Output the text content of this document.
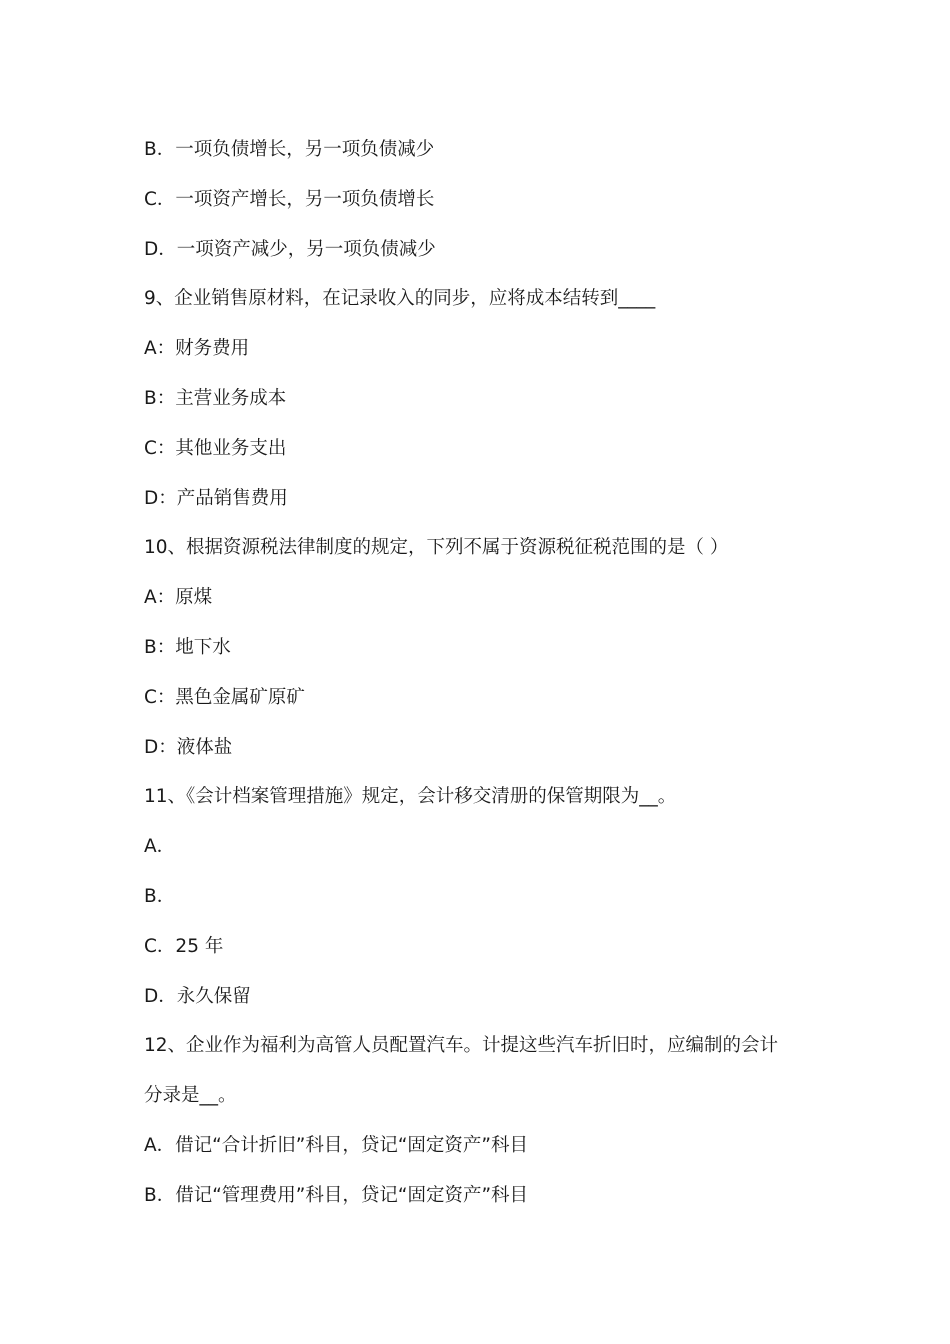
B．一项负债增长，另一项负债减少
C．一项资产增长，另一项负债增长
D．一项资产减少，另一项负债减少
9、企业销售原材料，在记录收入的同步，应将成本结转到____
A：财务费用
B：主营业务成本
C：其他业务支出
D：产品销售费用
10、根据资源税法律制度的规定，下列不属于资源税征税范围的是（ ）
A：原煤
B：地下水
C：黑色金属矿原矿
D：液体盐
11、《会计档案管理措施》规定，会计移交清册的保管期限为__。
A．
B．
C．25 年
D．永久保留
12、企业作为福利为高管人员配置汽车。计提这些汽车折旧时，应编制的会计
分录是__。
A．借记“合计折旧”科目，贷记“固定资产”科目
B．借记“管理费用”科目，贷记“固定资产”科目
